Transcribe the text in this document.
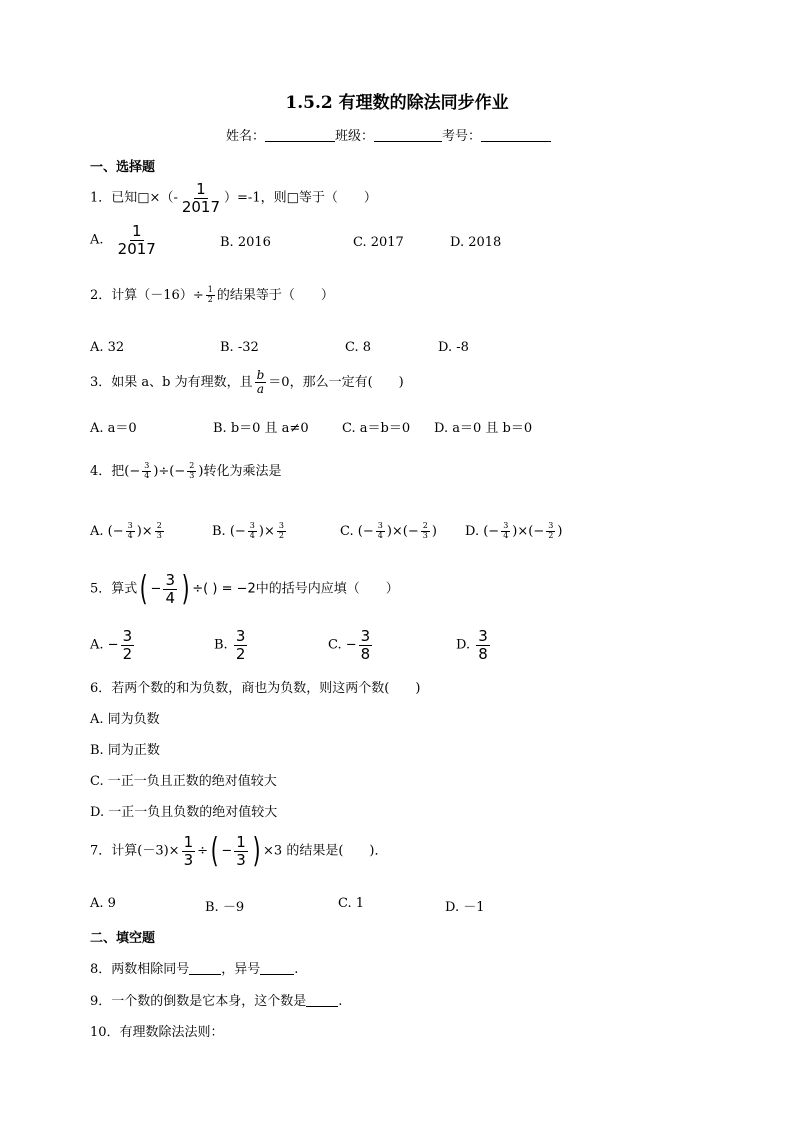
1.5.2 有理数的除法同步作业
姓名：	班级：	考号：
一、选择题
1．已知□×（- $\frac{1}{2017} )=-1$，则□等于（　　）
A. $\frac{1}{2017}$	B. 2016	C. 2017	D. 2018
2．计算$(-16)\div \frac{1}{2}$ 的结果等于（　　）
A. 32	B. -32	C. 8	D. -8
3．如果 a、b 为有理数，且 $\frac{b}{a} =0$，那么一定有(　　)
A. a＝0	B. b＝0 且 a≠0	C. a＝b＝0 D. a＝0 且 b＝0
4．把(− $\frac{3}{4}$ )÷(− $\frac{2}{3}$ )转化为乘法是
A. (− $\frac{3}{4}$ )× $\frac{2}{3}$	B. (− $\frac{3}{4}$ )× $\frac{3}{2}$	C. (− $\frac{3}{4}$ )×(− $\frac{2}{3}$ ) D. (− $\frac{3}{4}$ )×(− $\frac{3}{2}$ )
5．算式( − $\frac{3}{4}$ ) ÷( ) = −2中的括号内应填（　　）
A. − $\frac{3}{2}$	B. $\frac{3}{2}$	C. − $\frac{3}{8}$	D. $\frac{3}{8}$
6．若两个数的和为负数，商也为负数，则这两个数(　　)
A. 同为负数
B. 同为正数
C. 一正一负且正数的绝对值较大
D. 一正一负且负数的绝对值较大
7．计算$(-3)\times \frac{1}{3}$ ÷( − $\frac{1}{3}$ ) ×3 的结果是(　　)．
A. 9	B. －9	C. 1	D. －1
二、填空题
8．两数相除同号 ，异号	.
9．一个数的倒数是它本身，这个数是 .
10．有理数除法法则：
